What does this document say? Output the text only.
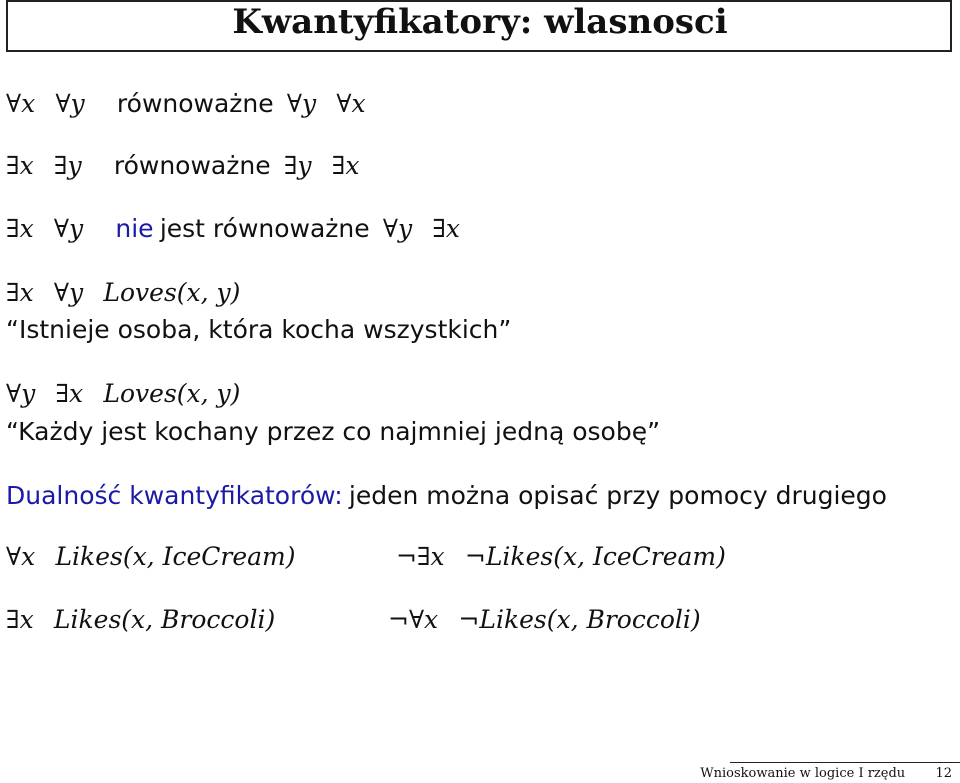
Kwantyfikatory: wlasnosci
∀x ∀y równoważne ∀y ∀x
∃x ∃y równoważne ∃y ∃x
∃x ∀y nie jest równoważne ∀y ∃x
∃x ∀y Loves(x, y)
“Istnieje osoba, która kocha wszystkich”
∀y ∃x Loves(x, y)
“Każdy jest kochany przez co najmniej jedną osobę”
Dualność kwantyfikatorów: jeden można opisać przy pomocy drugiego
∀x Likes(x, IceCream)	¬∃x ¬Likes(x, IceCream)
∃x Likes(x, Broccoli)	¬∀x ¬Likes(x, Broccoli)
Wnioskowanie w logice I rzędu 12
